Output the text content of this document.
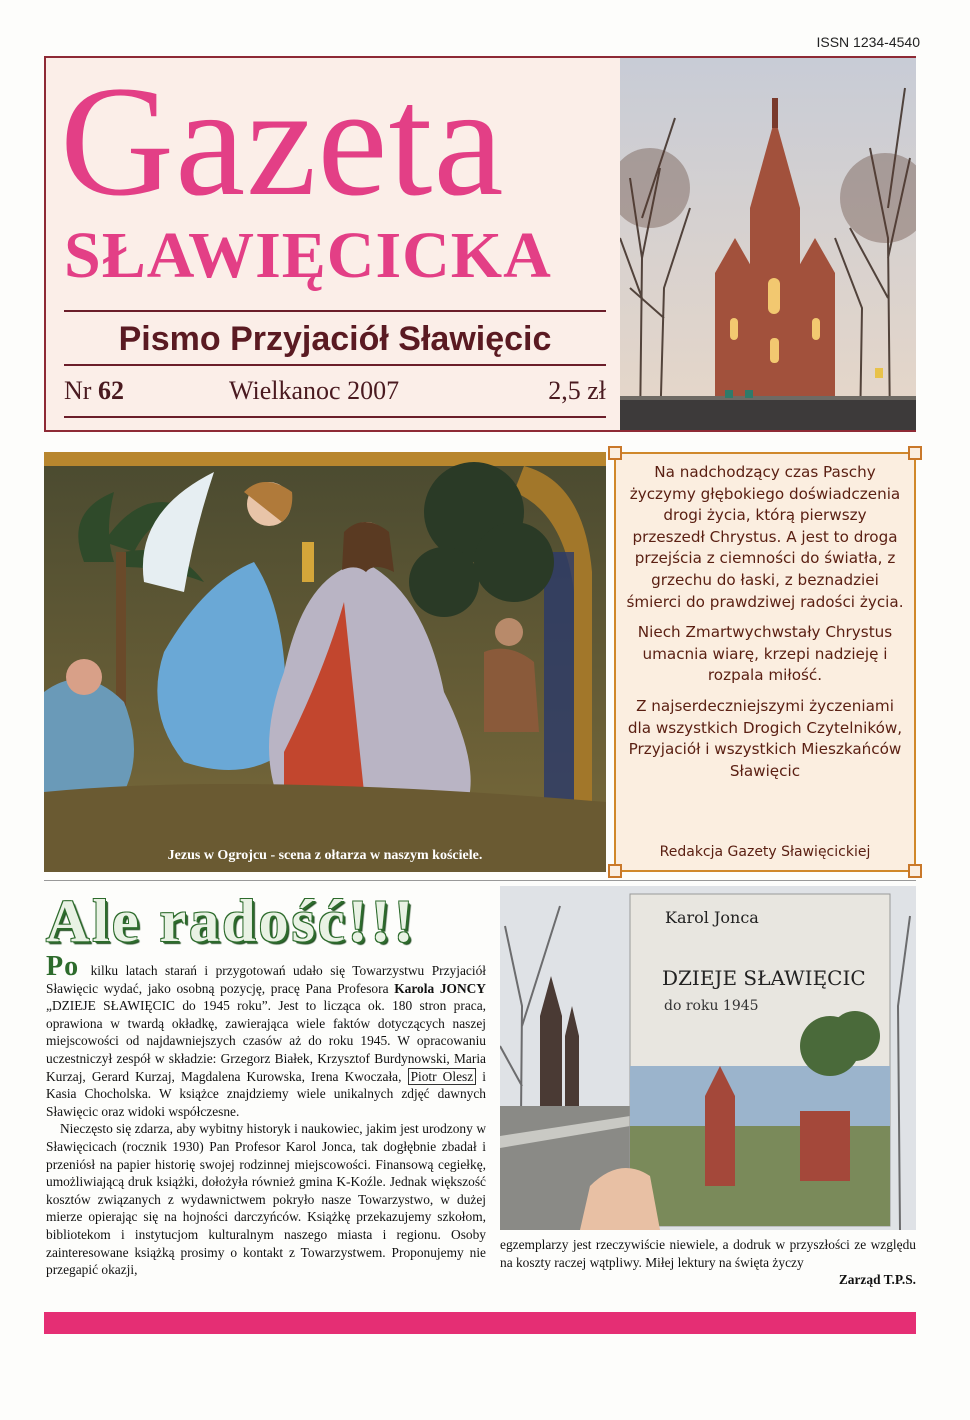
ISSN 1234-4540
Gazeta
SŁAWIĘCICKA
Pismo Przyjaciół Sławięcic
Nr 62	Wielkanoc 2007	2,5 zł
Jezus w Ogrojcu - scena z ołtarza w naszym kościele.

Na nadchodzący czas Paschy życzymy głębokiego doświadczenia drogi życia, którą pierwszy przeszedł Chrystus. A jest to droga przejścia z ciemności do światła, z grzechu do łaski, z beznadziei śmierci do prawdziwej radości życia.

Niech Zmartwychwstały Chrystus umacnia wiarę, krzepi nadzieję i rozpala miłość.

Z najserdeczniejszymi życzeniami dla wszystkich Drogich Czytelników, Przyjaciół i wszystkich Mieszkańców Sławięcic

Redakcja Gazety Sławięcickiej
Ale radość!!!

Po kilku latach starań i przygotowań udało się Towarzystwu Przyjaciół Sławięcic wydać, jako osobną pozycję, pracę Pana Profesora Karola JONCY „DZIEJE SŁAWIĘCIC do 1945 roku”. Jest to licząca ok. 180 stron praca, oprawiona w twardą okładkę, zawierająca wiele faktów dotyczących naszej miejscowości od najdawniejszych czasów aż do roku 1945. W opracowaniu uczestniczył zespół w składzie: Grzegorz Białek, Krzysztof Burdynowski, Maria Kurzaj, Gerard Kurzaj, Magdalena Kurowska, Irena Kwoczała, Piotr Olesz i Kasia Chocholska. W książce znajdziemy wiele unikalnych zdjęć dawnych Sławięcic oraz widoki współczesne.

Nieczęsto się zdarza, aby wybitny historyk i naukowiec, jakim jest urodzony w Sławięcicach (rocznik 1930) Pan Profesor Karol Jonca, tak dogłębnie zbadał i przeniósł na papier historię swojej rodzinnej miejscowości. Finansową cegiełkę, umożliwiającą druk książki, dołożyła również gmina K-Koźle. Jednak większość kosztów związanych z wydawnictwem pokryło nasze Towarzystwo, w dużej mierze opierając się na hojności darczyńców. Książkę przekazujemy szkołom, bibliotekom i instytucjom kulturalnym naszego miasta i regionu. Osoby zainteresowane książką prosimy o kontakt z Towarzystwem. Proponujemy nie przegapić okazji,

Karol Jonca
DZIEJE SŁAWIĘCIC
do roku 1945
egzemplarzy jest rzeczywiście niewiele, a dodruk w przyszłości ze względu na koszty raczej wątpliwy. Miłej lektury na święta życzy
Zarząd T.P.S.
